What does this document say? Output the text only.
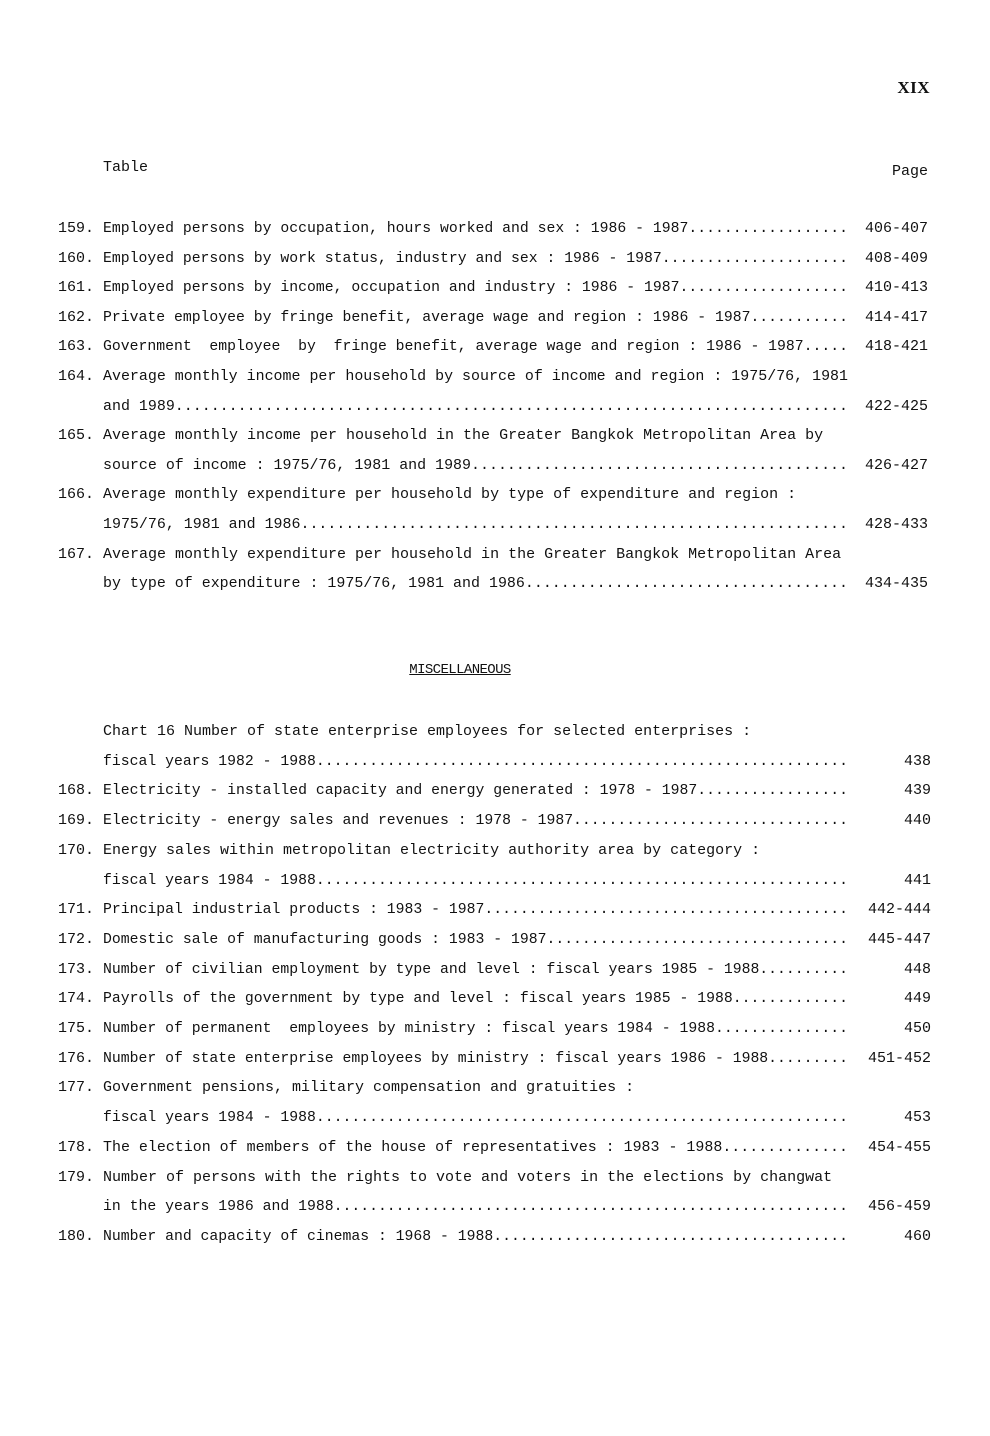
XIX
Table	Page
159. Employed persons by occupation, hours worked and sex : 1986 - 1987.................. 406-407
160. Employed persons by work status, industry and sex : 1986 - 1987..................... 408-409
161. Employed persons by income, occupation and industry : 1986 - 1987................... 410-413
162. Private employee by fringe benefit, average wage and region : 1986 - 1987........... 414-417
163. Government  employee  by  fringe benefit, average wage and region : 1986 - 1987..... 418-421
164. Average monthly income per household by source of income and region : 1975/76, 1981
and 1989........................................................................... 422-425
165. Average monthly income per household in the Greater Bangkok Metropolitan Area by
source of income : 1975/76, 1981 and 1989.......................................... 426-427
166. Average monthly expenditure per household by type of expenditure and region :
1975/76, 1981 and 1986............................................................. 428-433
167. Average monthly expenditure per household in the Greater Bangkok Metropolitan Area
by type of expenditure : 1975/76, 1981 and 1986.................................... 434-435
MISCELLANEOUS
Chart 16 Number of state enterprise employees for selected enterprises :
fiscal years 1982 - 1988............................................................	438
168. Electricity - installed capacity and energy generated : 1978 - 1987.................	439
169. Electricity - energy sales and revenues : 1978 - 1987...............................	440
170. Energy sales within metropolitan electricity authority area by category :
fiscal years 1984 - 1988............................................................	441
171. Principal industrial products : 1983 - 1987.........................................	442-444
172. Domestic sale of manufacturing goods : 1983 - 1987..................................	445-447
173. Number of civilian employment by type and level : fiscal years 1985 - 1988..........	448
174. Payrolls of the government by type and level : fiscal years 1985 - 1988.............	449
175. Number of permanent  employees by ministry : fiscal years 1984 - 1988...............	450
176. Number of state enterprise employees by ministry : fiscal years 1986 - 1988.........	451-452
177. Government pensions, military compensation and gratuities :
fiscal years 1984 - 1988............................................................	453
178. The election of members of the house of representatives : 1983 - 1988..............	454-455
179. Number of persons with the rights to vote and voters in the elections by changwat
in the years 1986 and 1988..........................................................	456-459
180. Number and capacity of cinemas : 1968 - 1988........................................	460
